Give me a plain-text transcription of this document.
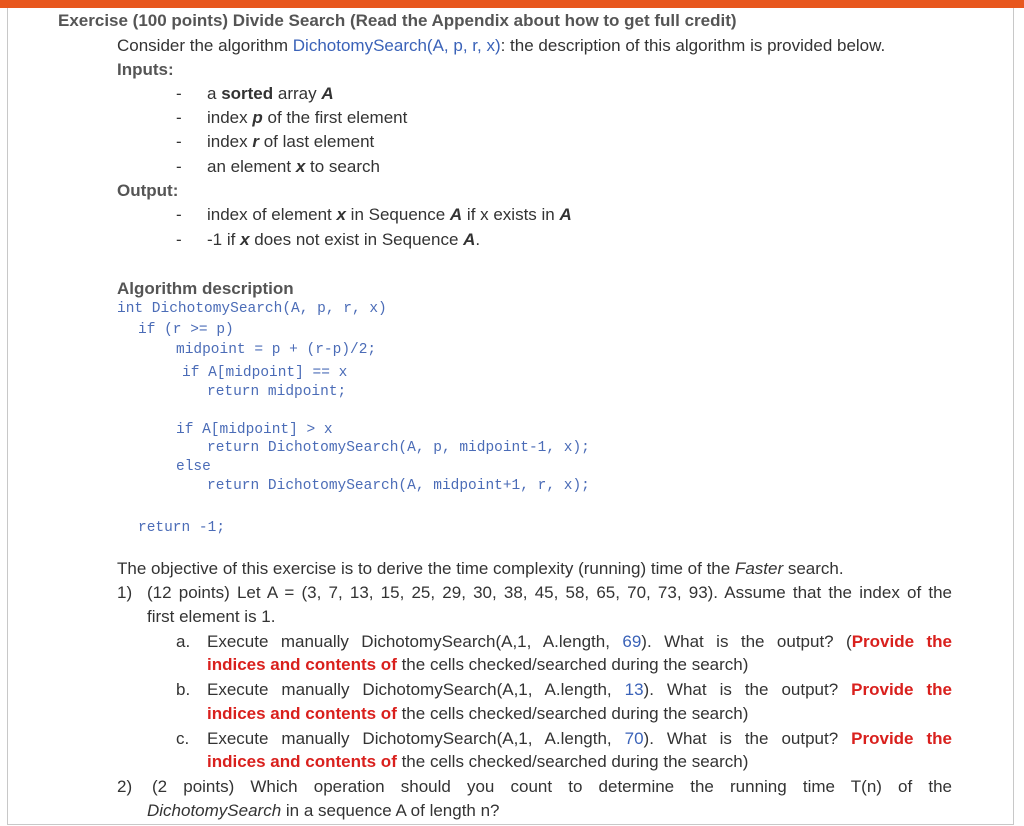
Exercise (100 points) Divide Search (Read the Appendix about how to get full credit)
Consider the algorithm DichotomySearch(A, p, r, x): the description of this algorithm is provided below.
Inputs:
- a sorted array A
- index p of the first element
- index r of last element
- an element x to search
Output:
- index of element x in Sequence A if x exists in A
- -1 if x does not exist in Sequence A.
Algorithm description
int DichotomySearch(A, p, r, x)
if (r >= p)
midpoint = p + (r-p)/2;
if A[midpoint] == x
return midpoint;
if A[midpoint] > x
return DichotomySearch(A, p, midpoint-1, x);
else
return DichotomySearch(A, midpoint+1, r, x);
return -1;
The objective of this exercise is to derive the time complexity (running) time of the Faster search.
1) (12 points) Let A = (3, 7, 13, 15, 25, 29, 30, 38, 45, 58, 65, 70, 73, 93). Assume that the index of the
first element is 1.
a. Execute manually DichotomySearch(A,1, A.length, 69). What is the output? (Provide the
indices and contents of the cells checked/searched during the search)
b. Execute manually DichotomySearch(A,1, A.length, 13). What is the output? Provide the
indices and contents of the cells checked/searched during the search)
c. Execute manually DichotomySearch(A,1, A.length, 70). What is the output? Provide the
indices and contents of the cells checked/searched during the search)
2) (2 points) Which operation should you count to determine the running time T(n) of the
DichotomySearch in a sequence A of length n?
